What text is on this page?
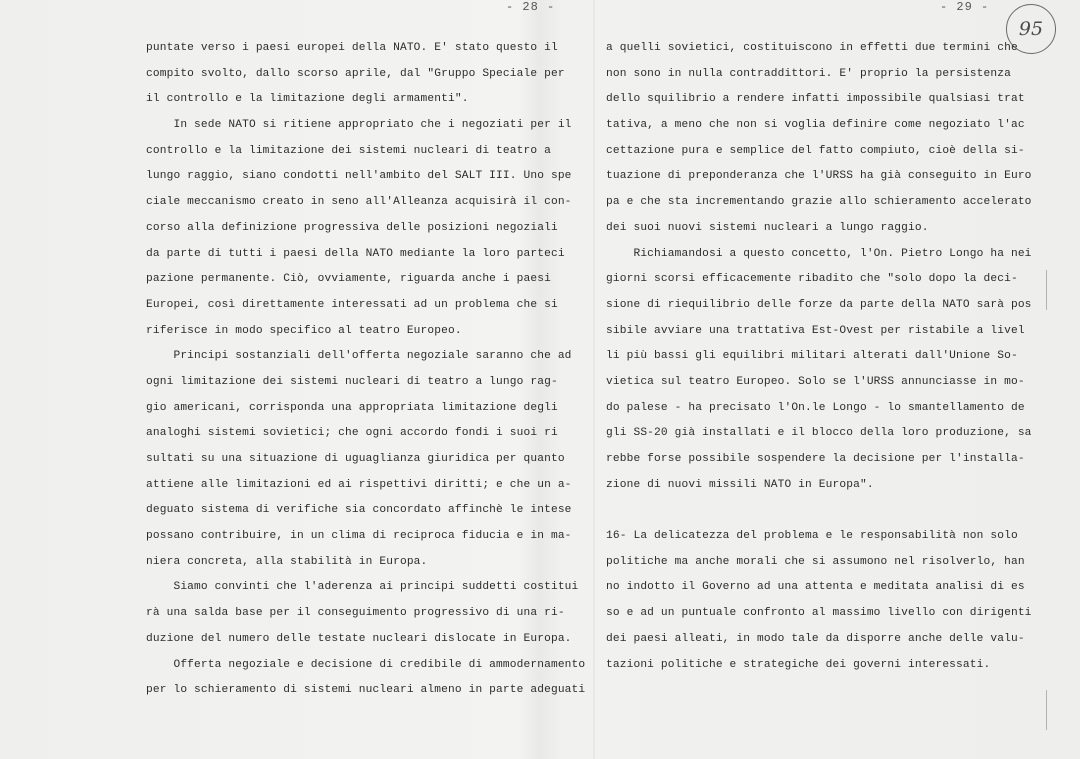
- 28 -	- 29 -
95
puntate verso i paesi europei della NATO. E' stato questo il
compito svolto, dallo scorso aprile, dal "Gruppo Speciale per
il controllo e la limitazione degli armamenti".
In sede NATO si ritiene appropriato che i negoziati per il
controllo e la limitazione dei sistemi nucleari di teatro a
lungo raggio, siano condotti nell'ambito del SALT III. Uno spe
ciale meccanismo creato in seno all'Alleanza acquisirà il con-
corso alla definizione progressiva delle posizioni negoziali
da parte di tutti i paesi della NATO mediante la loro parteci
pazione permanente. Ciò, ovviamente, riguarda anche i paesi
Europei, così direttamente interessati ad un problema che si
riferisce in modo specifico al teatro Europeo.
Principi sostanziali dell'offerta negoziale saranno che ad
ogni limitazione dei sistemi nucleari di teatro a lungo rag-
gio americani, corrisponda una appropriata limitazione degli
analoghi sistemi sovietici; che ogni accordo fondi i suoi ri
sultati su una situazione di uguaglianza giuridica per quanto
attiene alle limitazioni ed ai rispettivi diritti; e che un a-
deguato sistema di verifiche sia concordato affinchè le intese
possano contribuire, in un clima di reciproca fiducia e in ma-
niera concreta, alla stabilità in Europa.
Siamo convinti che l'aderenza ai principi suddetti costitui
rà una salda base per il conseguimento progressivo di una ri-
duzione del numero delle testate nucleari dislocate in Europa.
Offerta negoziale e decisione di credibile di ammodernamento
per lo schieramento di sistemi nucleari almeno in parte adeguati
a quelli sovietici, costituiscono in effetti due termini che
non sono in nulla contraddittori. E' proprio la persistenza
dello squilibrio a rendere infatti impossibile qualsiasi trat
tativa, a meno che non si voglia definire come negoziato l'ac
cettazione pura e semplice del fatto compiuto, cioè della si-
tuazione di preponderanza che l'URSS ha già conseguito in Euro
pa e che sta incrementando grazie allo schieramento accelerato
dei suoi nuovi sistemi nucleari a lungo raggio.
Richiamandosi a questo concetto, l'On. Pietro Longo ha nei
giorni scorsi efficacemente ribadito che "solo dopo la deci-
sione di riequilibrio delle forze da parte della NATO sarà pos
sibile avviare una trattativa Est-Ovest per ristabile a livel
li più bassi gli equilibri militari alterati dall'Unione So-
vietica sul teatro Europeo. Solo se l'URSS annunciasse in mo-
do palese - ha precisato l'On.le Longo - lo smantellamento de
gli SS-20 già installati e il blocco della loro produzione, sa
rebbe forse possibile sospendere la decisione per l'installa-
zione di nuovi missili NATO in Europa".
16- La delicatezza del problema e le responsabilità non solo
politiche ma anche morali che si assumono nel risolverlo, han
no indotto il Governo ad una attenta e meditata analisi di es
so e ad un puntuale confronto al massimo livello con dirigenti
dei paesi alleati, in modo tale da disporre anche delle valu-
tazioni politiche e strategiche dei governi interessati.
